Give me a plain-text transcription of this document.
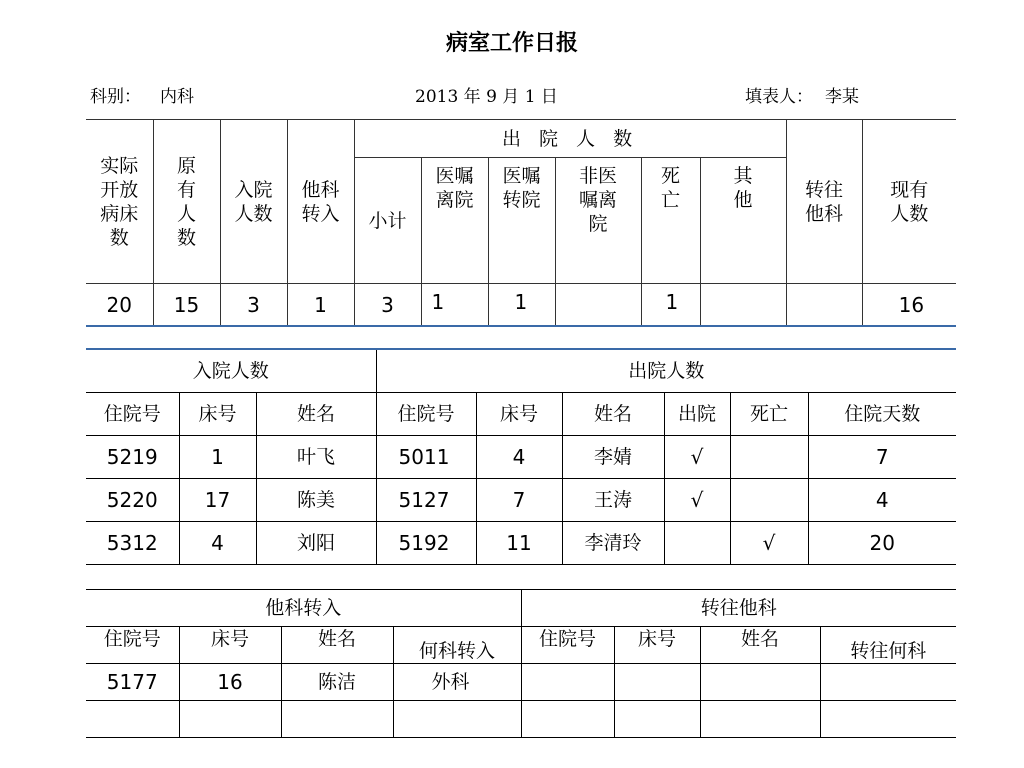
病室工作日报
科别： 内科	2013 年 9 月 1 日	填表人： 李某
实际开放病床数	原有人数	入院人数	他科转入	出 院 人 数						转往他科	现有人数

				小计	医嘱离院	医嘱转院	非医嘱离院	死亡	其他		

20	15	3	1	3	1	1		1			16
入院人数			出院人数					
住院号	床号	姓名	住院号	床号	姓名	出院	死亡	住院天数
5219	1	叶飞	5011	4	李婧	√		7
5220	17	陈美	5127	7	王涛	√		4
5312	4	刘阳	5192	11	李清玲		√	20
他科转入				转往他科			
住院号	床号	姓名	何科转入	住院号	床号	姓名	转往何科
5177	16	陈洁	外科				
